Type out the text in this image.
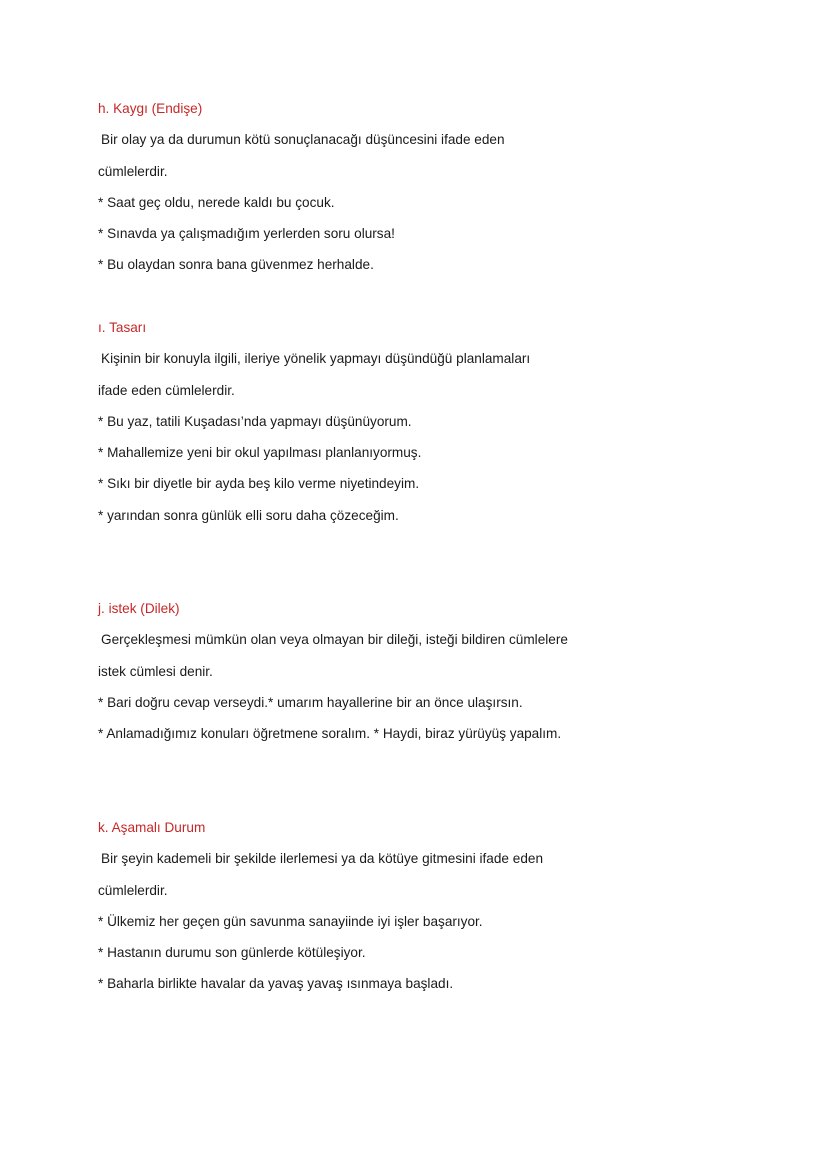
h. Kaygı (Endişe)
Bir olay ya da durumun kötü sonuçlanacağı düşüncesini ifade eden
cümlelerdir.
* Saat geç oldu, nerede kaldı bu çocuk.
* Sınavda ya çalışmadığım yerlerden soru olursa!
* Bu olaydan sonra bana güvenmez herhalde.
ı. Tasarı
Kişinin bir konuyla ilgili, ileriye yönelik yapmayı düşündüğü planlamaları
ifade eden cümlelerdir.
* Bu yaz, tatili Kuşadası’nda yapmayı düşünüyorum.
* Mahallemize yeni bir okul yapılması planlanıyormuş.
* Sıkı bir diyetle bir ayda beş kilo verme niyetindeyim.
* yarından sonra günlük elli soru daha çözeceğim.
j. istek (Dilek)
Gerçekleşmesi mümkün olan veya olmayan bir dileği, isteği bildiren cümlelere
istek cümlesi denir.
* Bari doğru cevap verseydi.* umarım hayallerine bir an önce ulaşırsın.
* Anlamadığımız konuları öğretmene soralım. * Haydi, biraz yürüyüş yapalım.
k. Aşamalı Durum
Bir şeyin kademeli bir şekilde ilerlemesi ya da kötüye gitmesini ifade eden
cümlelerdir.
* Ülkemiz her geçen gün savunma sanayiinde iyi işler başarıyor.
* Hastanın durumu son günlerde kötüleşiyor.
* Baharla birlikte havalar da yavaş yavaş ısınmaya başladı.
